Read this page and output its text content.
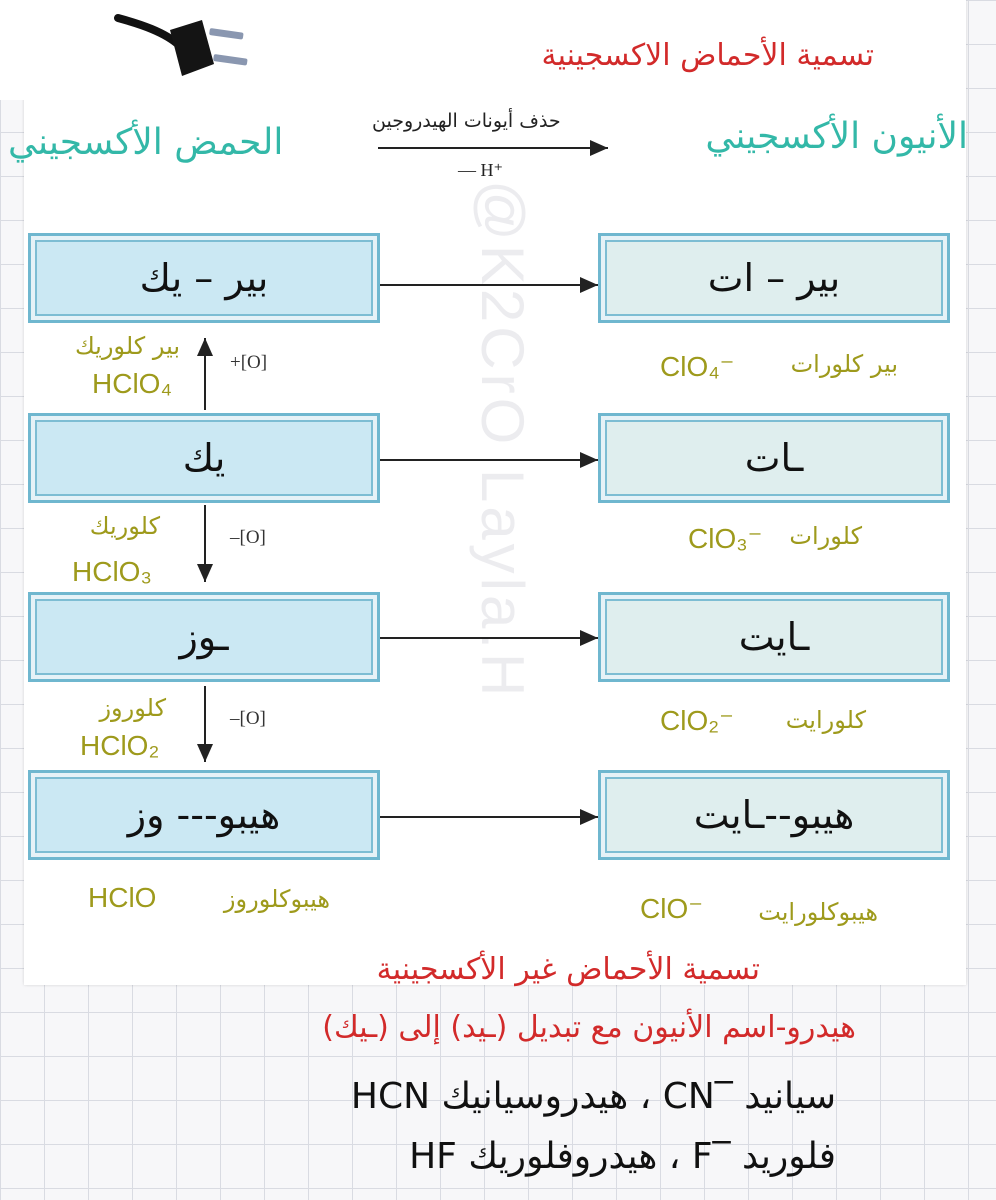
@K2CrO Layla.H
تسمية الأحماض الاكسجينية
الحمض الأكسجيني	الأنيون الأكسجيني
حذف أيونات الهيدروجين
— H⁺
بير – يك
يك
ـوز
هيبو--- وز
بير – ات
ـات
ـايت
هيبو--ـايت
+[O]
–[O]
–[O]
بير كلوريك
HClO₄
كلوريك
HClO₃
كلوروز
HClO₂
هيبوكلوروز
HClO
بير كلورات
ClO₄⁻
كلورات
ClO₃⁻
كلورايت
ClO₂⁻
هيبوكلورايت
ClO⁻
تسمية الأحماض غير الأكسجينية
هيدرو-اسم الأنيون مع تبديل (ـيد) إلى (ـيك)
سيانيد ‾CN ، هيدروسيانيك HCN
فلوريد ‾F ، هيدروفلوريك HF
